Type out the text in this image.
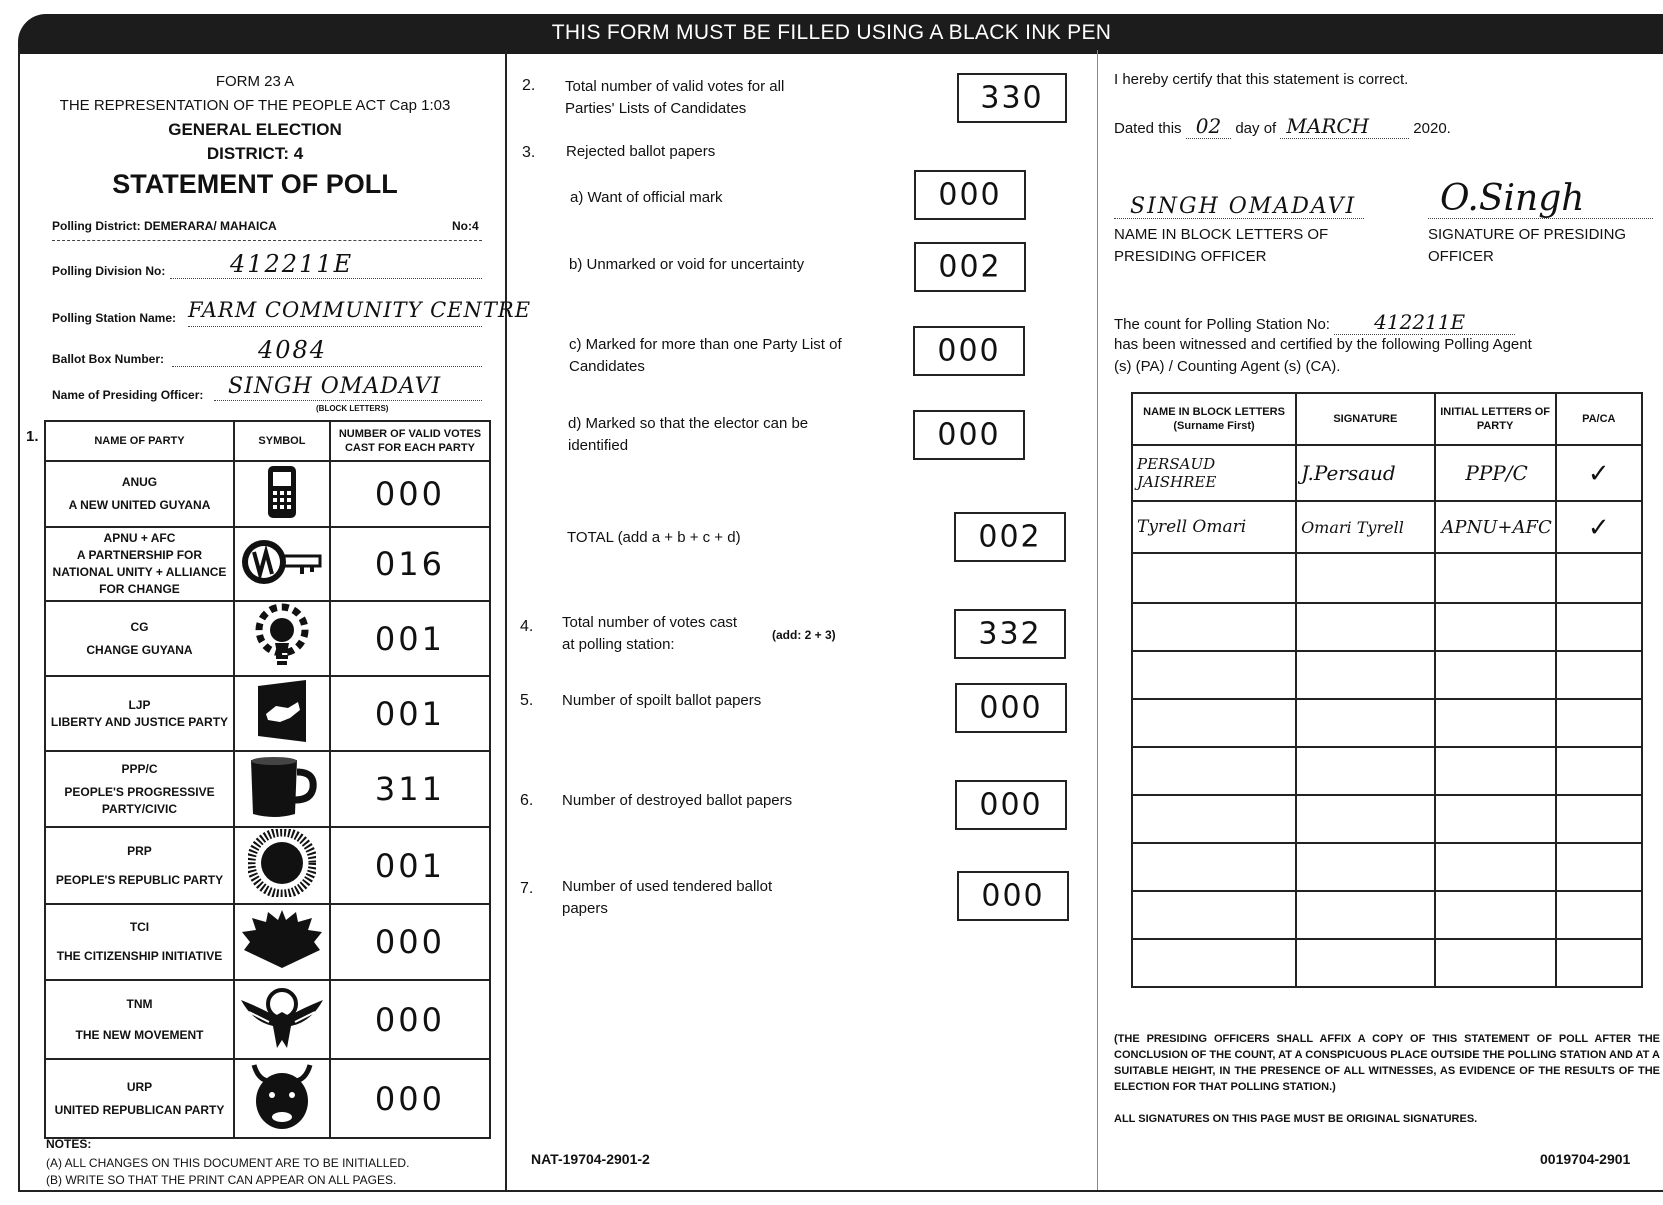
THIS FORM MUST BE FILLED USING A BLACK INK PEN
FORM 23 A
THE REPRESENTATION OF THE PEOPLE ACT Cap 1:03
GENERAL ELECTION
DISTRICT: 4
STATEMENT OF POLL
Polling District: DEMERARA/ MAHAICA	No:4
Polling Division No:	412211E
Polling Station Name: FARM COMMUNITY CENTRE
Ballot Box Number:	4084
Name of Presiding Officer: SINGH OMADAVI
(BLOCK LETTERS)
1.	NAME OF PARTY	SYMBOL	NUMBER OF VALID VOTES CAST FOR EACH PARTY

ANUG
A NEW UNITED GUYANA		000

APNU + AFC
A PARTNERSHIP FOR NATIONAL UNITY + ALLIANCE FOR CHANGE		016

CG
CHANGE GUYANA		001

LJP
LIBERTY AND JUSTICE PARTY		001

PPP/C
PEOPLE'S PROGRESSIVE PARTY/CIVIC		311

PRP
PEOPLE'S REPUBLIC PARTY		001

TCI
THE CITIZENSHIP INITIATIVE		000

TNM
THE NEW MOVEMENT		000

URP
UNITED REPUBLICAN PARTY		000
NOTES:
(A) ALL CHANGES ON THIS DOCUMENT ARE TO BE INITIALLED.
(B) WRITE SO THAT THE PRINT CAN APPEAR ON ALL PAGES.
2. Total number of valid votes for all Parties' Lists of Candidates	330
3. Rejected ballot papers
a) Want of official mark	000
b) Unmarked or void for uncertainty	002
c) Marked for more than one Party List of Candidates	000
d) Marked so that the elector can be identified	000
TOTAL (add a + b + c + d)	002
4. Total number of votes cast at polling station:
(add: 2 + 3)	332
5. Number of spoilt ballot papers	000
6. Number of destroyed ballot papers	000
7. Number of used tendered ballot papers	000
NAT-19704-2901-2
I hereby certify that this statement is correct.
Dated this 02 day of MARCH	2020.
SINGH OMADAVI
NAME IN BLOCK LETTERS OF PRESIDING OFFICER
O.Singh
SIGNATURE OF PRESIDING OFFICER
The count for Polling Station No: 412211E
has been witnessed and certified by the following Polling Agent (s) (PA) / Counting Agent (s) (CA).
NAME IN BLOCK LETTERS (Surname First)	SIGNATURE	INITIAL LETTERS OF PARTY	PA/CA
PERSAUD JAISHREE	J.Persaud	PPP/C	✓
Tyrell Omari	Omari Tyrell	APNU+AFC	✓

(THE PRESIDING OFFICERS SHALL AFFIX A COPY OF THIS STATEMENT OF POLL AFTER THE CONCLUSION OF THE COUNT, AT A CONSPICUOUS PLACE OUTSIDE THE POLLING STATION AND AT A SUITABLE HEIGHT, IN THE PRESENCE OF ALL WITNESSES, AS EVIDENCE OF THE RESULTS OF THE ELECTION FOR THAT POLLING STATION.)
ALL SIGNATURES ON THIS PAGE MUST BE ORIGINAL SIGNATURES.
0019704-2901
